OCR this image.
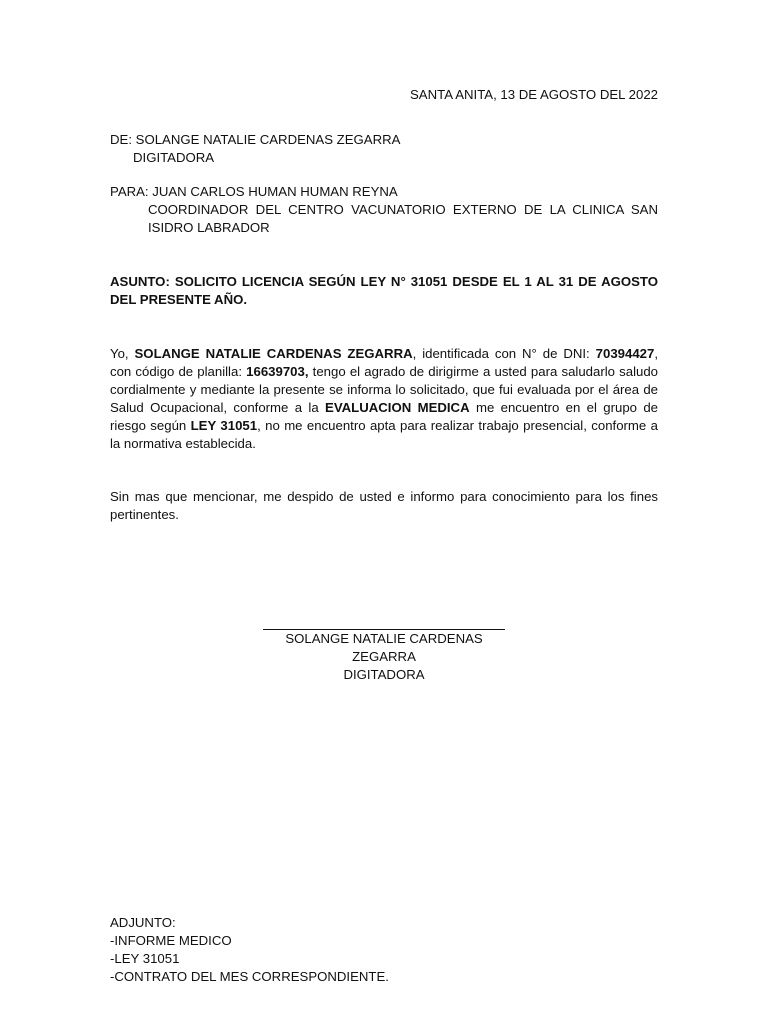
SANTA ANITA, 13 DE AGOSTO DEL 2022
DE: SOLANGE NATALIE CARDENAS ZEGARRA
DIGITADORA
PARA: JUAN CARLOS HUMAN HUMAN REYNA
COORDINADOR DEL CENTRO VACUNATORIO EXTERNO DE LA CLINICA SAN ISIDRO LABRADOR
ASUNTO: SOLICITO LICENCIA SEGÚN LEY N° 31051 DESDE EL 1 AL 31 DE AGOSTO DEL PRESENTE AÑO.
Yo, SOLANGE NATALIE CARDENAS ZEGARRA, identificada con N° de DNI: 70394427, con código de planilla: 16639703, tengo el agrado de dirigirme a usted para saludarlo saludo cordialmente y mediante la presente se informa lo solicitado, que fui evaluada por el área de Salud Ocupacional, conforme a la EVALUACION MEDICA me encuentro en el grupo de riesgo según LEY 31051, no me encuentro apta para realizar trabajo presencial, conforme a la normativa establecida.
Sin mas que mencionar, me despido de usted e informo para conocimiento para los fines pertinentes.
SOLANGE NATALIE CARDENAS ZEGARRA
DIGITADORA
ADJUNTO:
-INFORME MEDICO
-LEY 31051
-CONTRATO DEL MES CORRESPONDIENTE.
